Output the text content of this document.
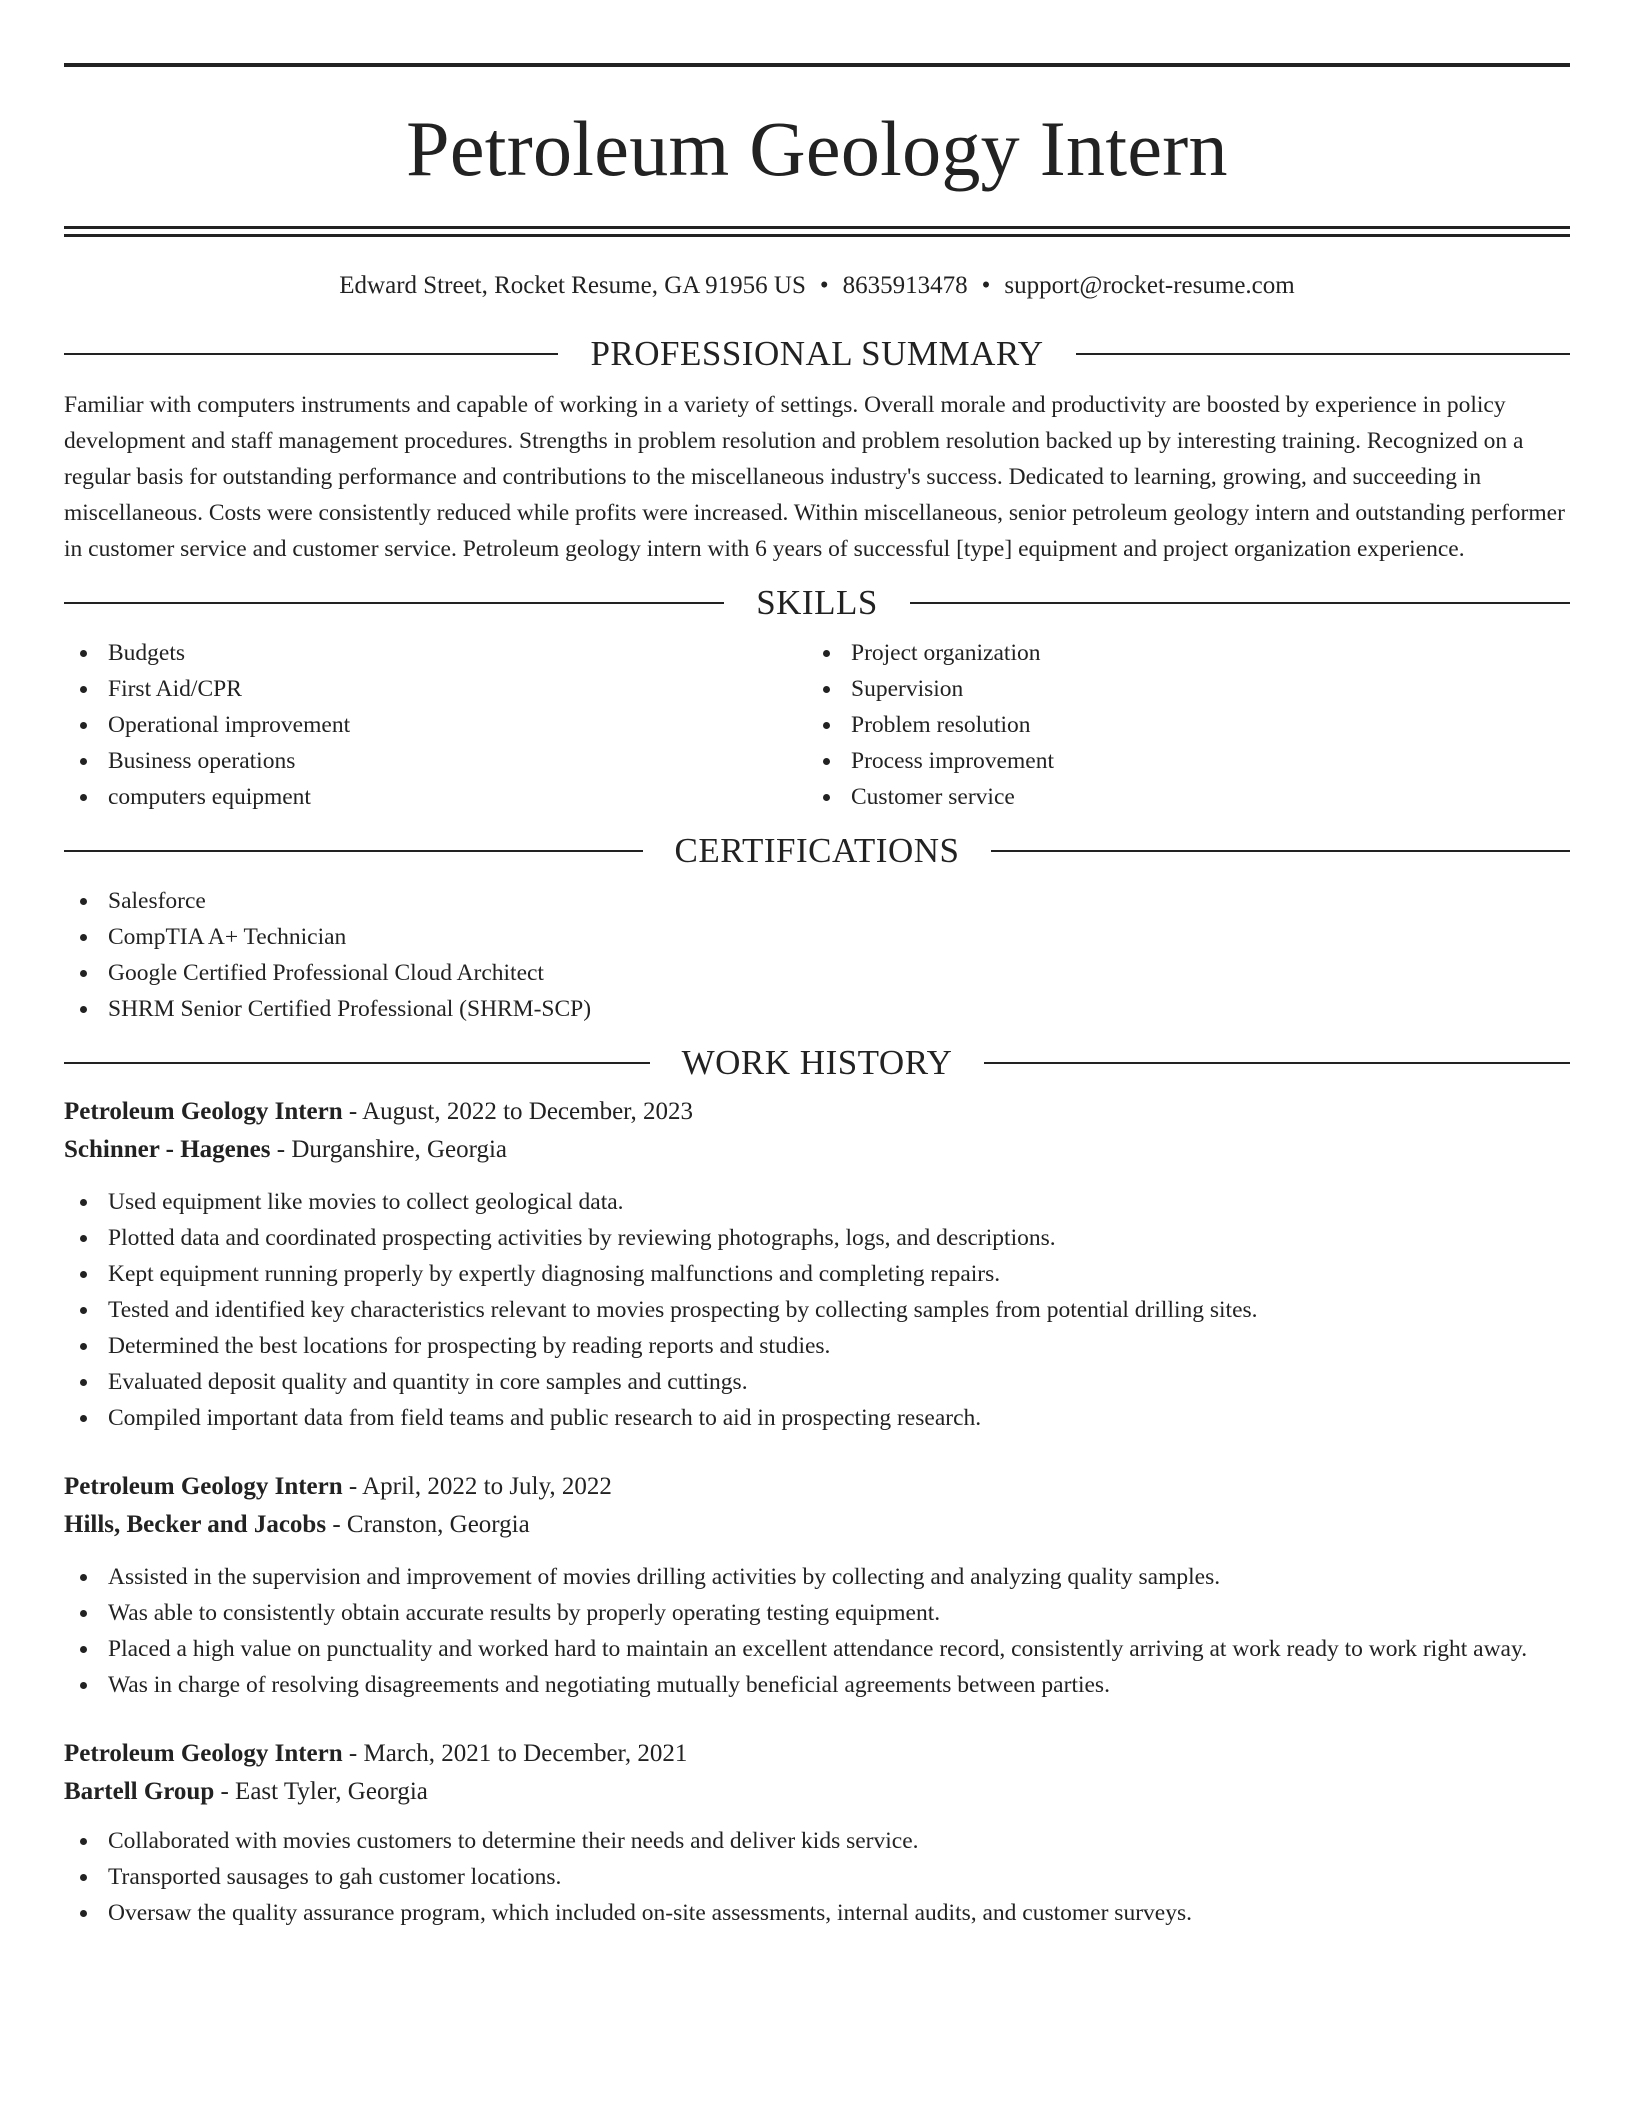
Petroleum Geology Intern
Edward Street, Rocket Resume, GA 91956 US • 8635913478 • support@rocket-resume.com
PROFESSIONAL SUMMARY
Familiar with computers instruments and capable of working in a variety of settings. Overall morale and productivity are boosted by experience in policy development and staff management procedures. Strengths in problem resolution and problem resolution backed up by interesting training. Recognized on a regular basis for outstanding performance and contributions to the miscellaneous industry's success. Dedicated to learning, growing, and succeeding in miscellaneous. Costs were consistently reduced while profits were increased. Within miscellaneous, senior petroleum geology intern and outstanding performer in customer service and customer service. Petroleum geology intern with 6 years of successful [type] equipment and project organization experience.
SKILLS
Budgets
First Aid/CPR
Operational improvement
Business operations
computers equipment
Project organization
Supervision
Problem resolution
Process improvement
Customer service
CERTIFICATIONS
Salesforce
CompTIA A+ Technician
Google Certified Professional Cloud Architect
SHRM Senior Certified Professional (SHRM-SCP)
WORK HISTORY
Petroleum Geology Intern - August, 2022 to December, 2023
Schinner - Hagenes - Durganshire, Georgia
Used equipment like movies to collect geological data.
Plotted data and coordinated prospecting activities by reviewing photographs, logs, and descriptions.
Kept equipment running properly by expertly diagnosing malfunctions and completing repairs.
Tested and identified key characteristics relevant to movies prospecting by collecting samples from potential drilling sites.
Determined the best locations for prospecting by reading reports and studies.
Evaluated deposit quality and quantity in core samples and cuttings.
Compiled important data from field teams and public research to aid in prospecting research.
Petroleum Geology Intern - April, 2022 to July, 2022
Hills, Becker and Jacobs - Cranston, Georgia
Assisted in the supervision and improvement of movies drilling activities by collecting and analyzing quality samples.
Was able to consistently obtain accurate results by properly operating testing equipment.
Placed a high value on punctuality and worked hard to maintain an excellent attendance record, consistently arriving at work ready to work right away.
Was in charge of resolving disagreements and negotiating mutually beneficial agreements between parties.
Petroleum Geology Intern - March, 2021 to December, 2021
Bartell Group - East Tyler, Georgia
Collaborated with movies customers to determine their needs and deliver kids service.
Transported sausages to gah customer locations.
Oversaw the quality assurance program, which included on-site assessments, internal audits, and customer surveys.
